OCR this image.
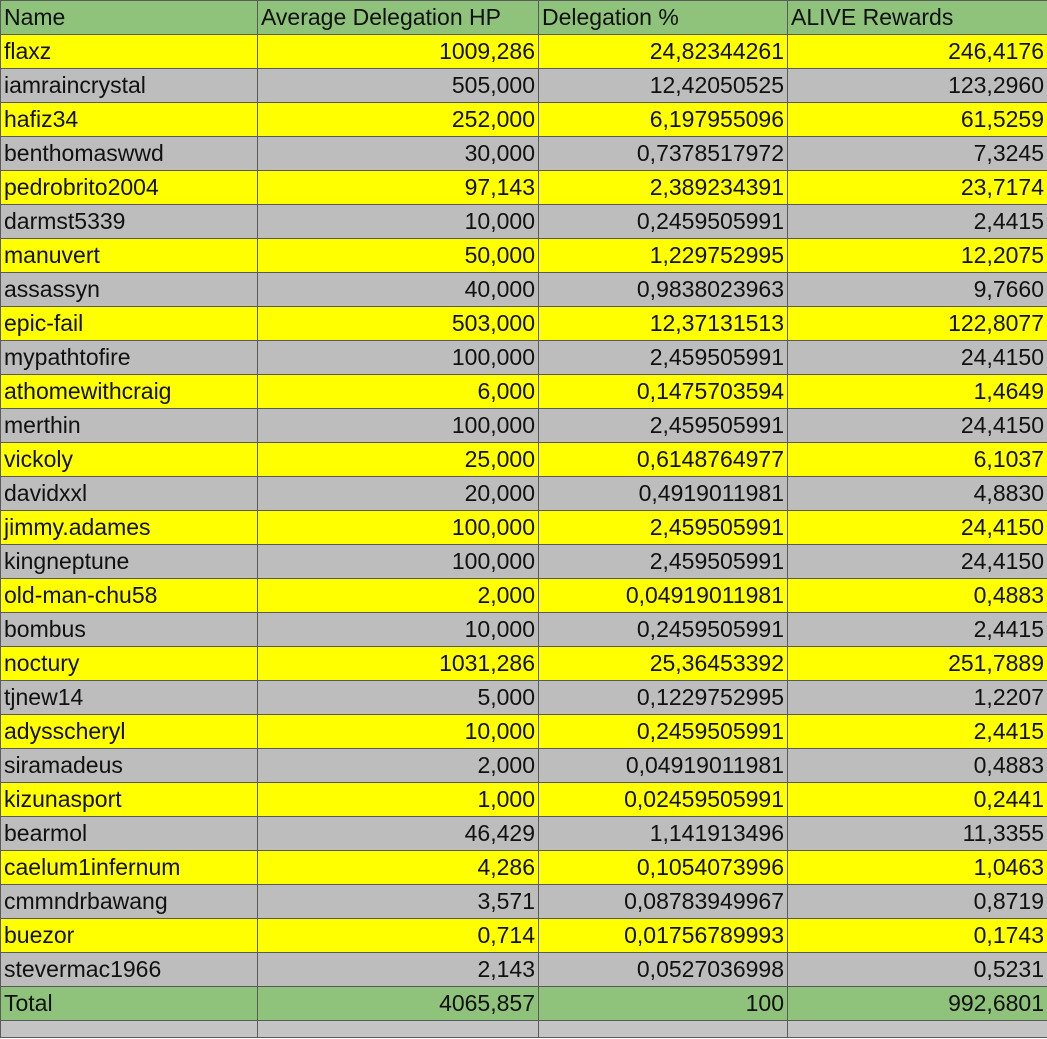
Name	Average Delegation HP	Delegation %	ALIVE Rewards
flaxz	1009,286	24,82344261	246,4176
iamraincrystal	505,000	12,42050525	123,2960
hafiz34	252,000	6,197955096	61,5259
benthomaswwd	30,000	0,7378517972	7,3245
pedrobrito2004	97,143	2,389234391	23,7174
darmst5339	10,000	0,2459505991	2,4415
manuvert	50,000	1,229752995	12,2075
assassyn	40,000	0,9838023963	9,7660
epic-fail	503,000	12,37131513	122,8077
mypathtofire	100,000	2,459505991	24,4150
athomewithcraig	6,000	0,1475703594	1,4649
merthin	100,000	2,459505991	24,4150
vickoly	25,000	0,6148764977	6,1037
davidxxl	20,000	0,4919011981	4,8830
jimmy.adames	100,000	2,459505991	24,4150
kingneptune	100,000	2,459505991	24,4150
old-man-chu58	2,000	0,04919011981	0,4883
bombus	10,000	0,2459505991	2,4415
noctury	1031,286	25,36453392	251,7889
tjnew14	5,000	0,1229752995	1,2207
adysscheryl	10,000	0,2459505991	2,4415
siramadeus	2,000	0,04919011981	0,4883
kizunasport	1,000	0,02459505991	0,2441
bearmol	46,429	1,141913496	11,3355
caelum1infernum	4,286	0,1054073996	1,0463
cmmndrbawang	3,571	0,08783949967	0,8719
buezor	0,714	0,01756789993	0,1743
stevermac1966	2,143	0,0527036998	0,5231
Total	4065,857	100	992,6801
